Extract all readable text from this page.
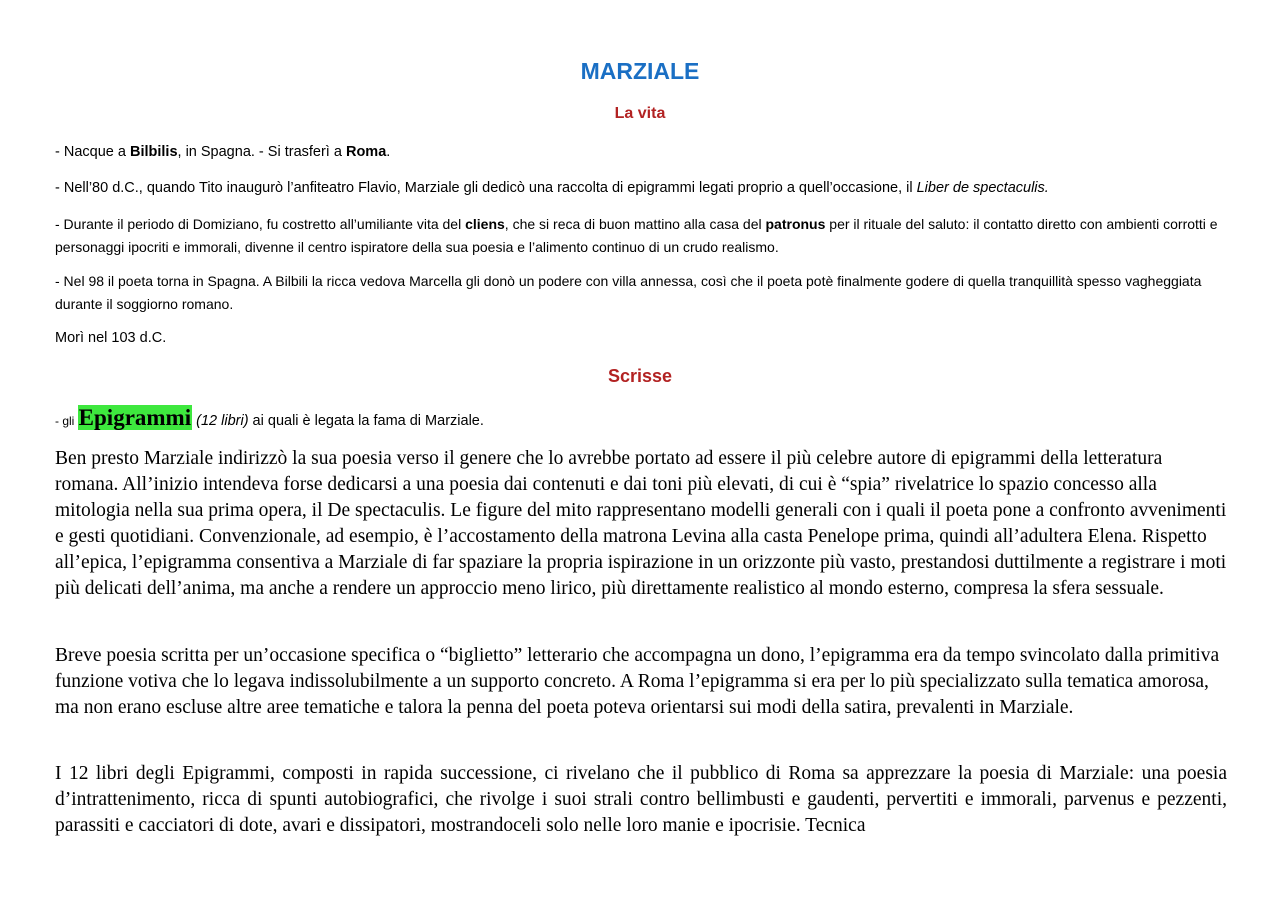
MARZIALE
La vita

- Nacque a Bilbilis, in Spagna. - Si trasferì a Roma.

- Nell’80 d.C., quando Tito inaugurò l’anfiteatro Flavio, Marziale gli dedicò una raccolta di epigrammi legati proprio a quell’occasione, il Liber de spectaculis.

- Durante il periodo di Domiziano, fu costretto all’umiliante vita del cliens, che si reca di buon mattino alla casa del patronus per il rituale del saluto: il contatto diretto con ambienti corrotti e personaggi ipocriti e immorali, divenne il centro ispiratore della sua poesia e l’alimento continuo di un crudo realismo.

- Nel 98 il poeta torna in Spagna. A Bilbili la ricca vedova Marcella gli donò un podere con villa annessa, così che il poeta potè finalmente godere di quella tranquillità spesso vagheggiata durante il soggiorno romano.

Morì nel 103 d.C.

Scrisse

- gli Epigrammi (12 libri) ai quali è legata la fama di Marziale.

Ben presto Marziale indirizzò la sua poesia verso il genere che lo avrebbe portato ad essere il più celebre autore di epigrammi della letteratura romana. All’inizio intendeva forse dedicarsi a una poesia dai contenuti e dai toni più elevati, di cui è “spia” rivelatrice lo spazio concesso alla mitologia nella sua prima opera, il De spectaculis. Le figure del mito rappresentano modelli generali con i quali il poeta pone a confronto avvenimenti e gesti quotidiani. Convenzionale, ad esempio, è l’accostamento della matrona Levina alla casta Penelope prima, quindi all’adultera Elena. Rispetto all’epica, l’epigramma consentiva a Marziale di far spaziare la propria ispirazione in un orizzonte più vasto, prestandosi duttilmente a registrare i moti più delicati dell’anima, ma anche a rendere un approccio meno lirico, più direttamente realistico al mondo esterno, compresa la sfera sessuale.

Breve poesia scritta per un’occasione specifica o “biglietto” letterario che accompagna un dono, l’epigramma era da tempo svincolato dalla primitiva funzione votiva che lo legava indissolubilmente a un supporto concreto. A Roma l’epigramma si era per lo più specializzato sulla tematica amorosa, ma non erano escluse altre aree tematiche e talora la penna del poeta poteva orientarsi sui modi della satira, prevalenti in Marziale.

I 12 libri degli Epigrammi, composti in rapida successione, ci rivelano che il pubblico di Roma sa apprezzare la poesia di Marziale: una poesia d’intrattenimento, ricca di spunti autobiografici, che rivolge i suoi strali contro bellimbusti e gaudenti, pervertiti e immorali, parvenus e pezzenti, parassiti e cacciatori di dote, avari e dissipatori, mostrandoceli solo nelle loro manie e ipocrisie. Tecnica
